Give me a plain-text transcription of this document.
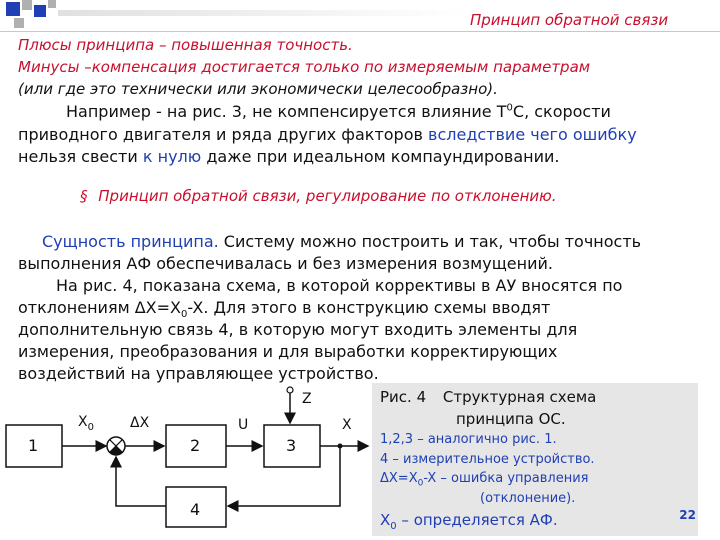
Принцип обратной связи
Плюсы принципа – повышенная точность.
Минусы –компенсация достигается только по измеряемым параметрам
(или где это технически или экономически целесообразно).
Например - на рис. 3, не компенсируется влияние $Т^0С$, скорости
приводного двигателя и ряда других факторов вследствие чего ошибку
нельзя свести к нулю даже при идеальном компаундировании.
§ Принцип обратной связи, регулирование по отклонению.
Сущность принципа. Систему можно построить и так, чтобы точность
выполнения АФ обеспечивалась и без измерения возмущений.
На рис. 4, показана схема, в которой коррективы в АУ вносятся по
отклонениям $\Delta X=X_0-X$. Для этого в конструкцию схемы вводят
дополнительную связь 4, в которую могут входить элементы для
измерения, преобразования и для выработки корректирующих
воздействий на управляющее устройство.
1	2	3
4
$X_0$	ΔX	U
Z
X
Рис. 4 Структурная схема
принципа ОС.
1,2,3 – аналогично рис. 1.
4 – измерительное устройство.
$\Delta X=X_0-X$ – ошибка управления
(отклонение).
$X_0$ – определяется АФ.	22
